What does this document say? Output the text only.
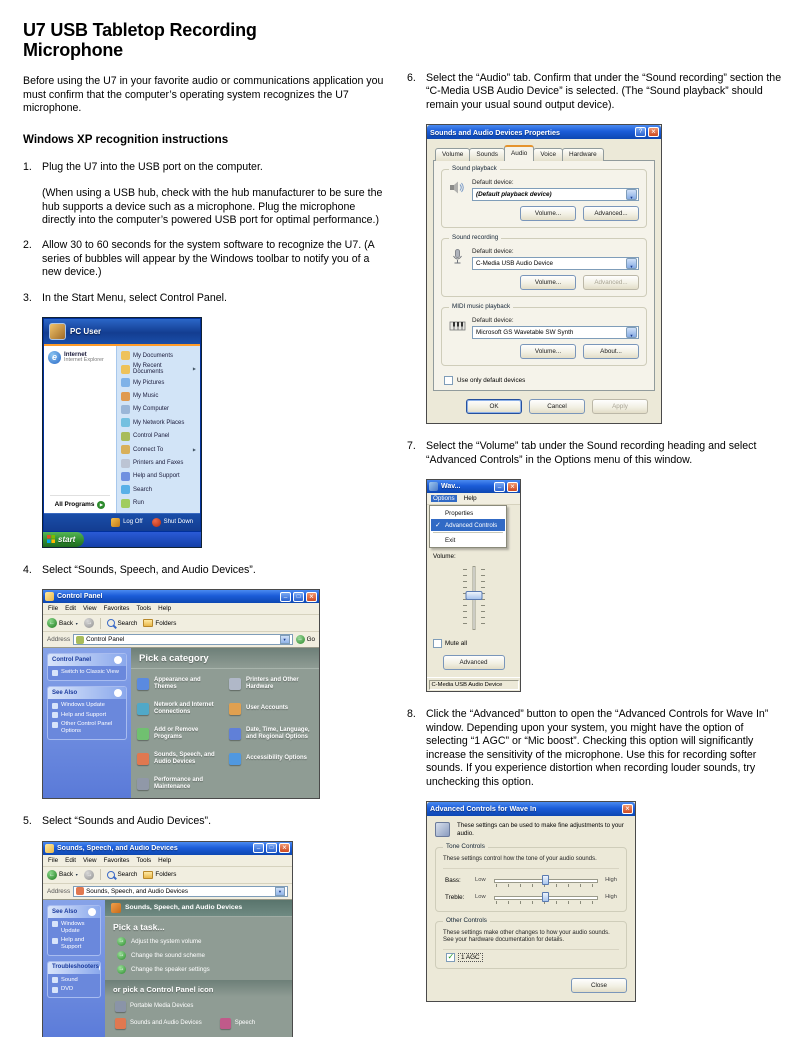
U7 USB Tabletop Recording Microphone

Before using the U7 in your favorite audio or communications application you must confirm that the computer’s operating system recognizes the U7 microphone.

Windows XP recognition instructions
1. Plug the U7 into the USB port on the computer.

(When using a USB hub, check with the hub manufacturer to be sure the hub supports a device such as a microphone. Plug the microphone directly into the computer’s powered USB port for optimal performance.)

2. Allow 30 to 60 seconds for the system software to recognize the U7. (A series of bubbles will appear by the Windows toolbar to notify you of a new device.)

3. In the Start Menu, select Control Panel.

PC User
e
Internet
Internet Explorer
All Programs
▶
My Documents
My Recent Documents
▶
My Pictures
My Music
My Computer
My Network Places
Control Panel
Connect To
▶
Printers and Faxes
Help and Support
Search
Run
Log Off	Shut Down
start
4. Select “Sounds, Speech, and Audio Devices”.

Control Panel
_
□
×
File Edit View Favorites Tools Help
←
Back ▼ →	Search	Folders
Address	Control Panel ▼ →	Go
Control Panel
Switch to Classic View
See Also
Windows Update
Help and Support
Other Control Panel Options
Pick a category
Appearance and Themes
Printers and Other Hardware
Network and Internet Connections
User Accounts
Add or Remove Programs
Date, Time, Language, and Regional Options
Sounds, Speech, and Audio Devices
Accessibility Options
Performance and Maintenance
5. Select “Sounds and Audio Devices”.

Sounds, Speech, and Audio Devices
_
□
×
File Edit View Favorites Tools Help
←
Back ▼ →	Search	Folders
Address	Sounds, Speech, and Audio Devices
▼
See Also
Windows Update
Help and Support
Troubleshooters
Sound
DVD
Sounds, Speech, and Audio Devices
Pick a task...
→
Adjust the system volume
→
Change the sound scheme
→
Change the speaker settings
or pick a Control Panel icon
Portable Media Devices
Sounds and Audio Devices	Speech
6. Select the “Audio” tab. Confirm that under the “Sound recording” section the “C-Media USB Audio Device” is selected. (The “Sound playback” should remain your usual sound output device).

Sounds and Audio Devices Properties
?
×
Volume	Sounds	Audio	Voice	Hardware
Sound playback
Default device:
(Default playback device)
▼
Volume...	Advanced...
Sound recording
Default device:
C-Media USB Audio Device
▼
Volume...	Advanced...
MIDI music playback
Default device:
Microsoft GS Wavetable SW Synth
▼
Volume...	About...
Use only default devices
OK	Cancel	Apply
7. Select the “Volume” tab under the Sound recording heading and select “Advanced Controls” in the Options menu of this window.

Wav...
_
×
Options	Help
Properties
✓ Advanced Controls
Exit
Volume:
Mute all
Advanced
C-Media USB Audio Device
8. Click the “Advanced” button to open the “Advanced Controls for Wave In” window. Depending upon your system, you might have the option of selecting “1 AGC” or “Mic boost”. Checking this option will significantly increase the sensitivity of the microphone. Use this for recording softer sounds. If you experience distortion when recording louder sounds, try unchecking this option.

Advanced Controls for Wave In
×
These settings can be used to make fine adjustments to your audio.
Tone Controls
These settings control how the tone of your audio sounds.
Bass:	Low	High
Treble:	Low	High
Other Controls
These settings make other changes to how your audio sounds. See your hardware documentation for details.
✓
1 AGC
Close
